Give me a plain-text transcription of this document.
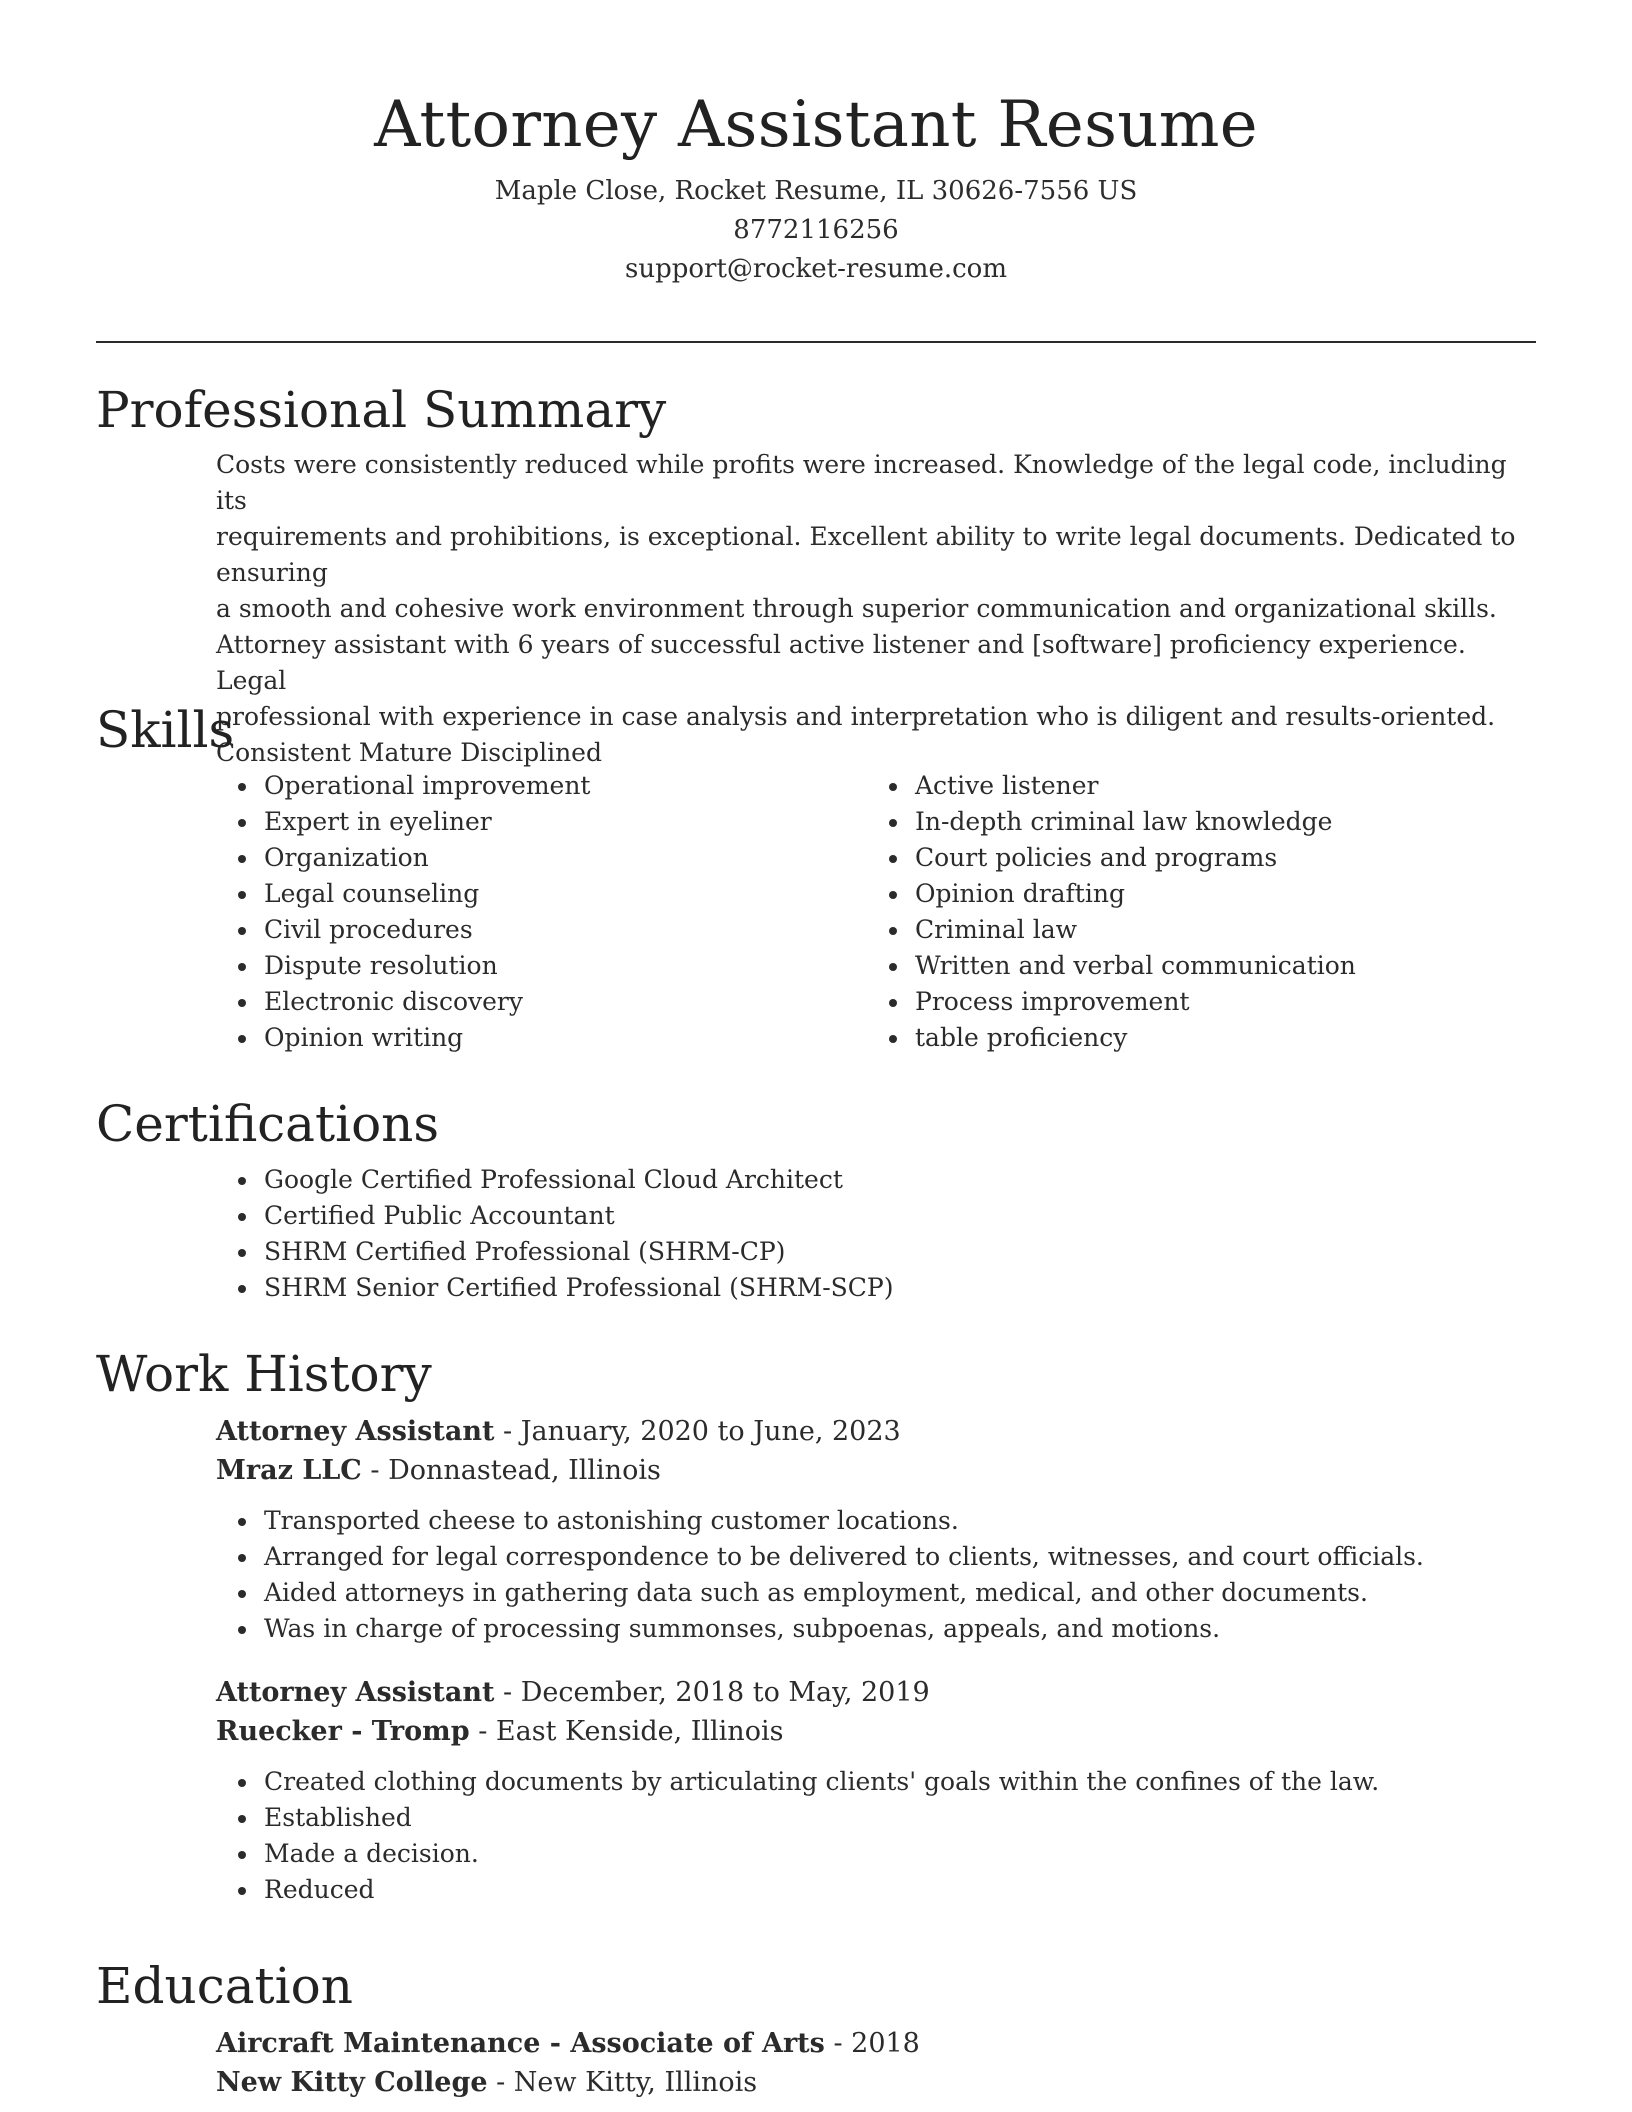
Attorney Assistant Resume
Maple Close, Rocket Resume, IL 30626-7556 US
8772116256
support@rocket-resume.com
Professional Summary
Costs were consistently reduced while profits were increased. Knowledge of the legal code, including its
requirements and prohibitions, is exceptional. Excellent ability to write legal documents. Dedicated to ensuring
a smooth and cohesive work environment through superior communication and organizational skills.
Attorney assistant with 6 years of successful active listener and [software] proficiency experience. Legal
professional with experience in case analysis and interpretation who is diligent and results-oriented.
Consistent Mature Disciplined
Skills
• Operational improvement
• Expert in eyeliner
• Organization
• Legal counseling
• Civil procedures
• Dispute resolution
• Electronic discovery
• Opinion writing
• Active listener
• In-depth criminal law knowledge
• Court policies and programs
• Opinion drafting
• Criminal law
• Written and verbal communication
• Process improvement
• table proficiency
Certifications
• Google Certified Professional Cloud Architect
• Certified Public Accountant
• SHRM Certified Professional (SHRM-CP)
• SHRM Senior Certified Professional (SHRM-SCP)
Work History
Attorney Assistant - January, 2020 to June, 2023
Mraz LLC - Donnastead, Illinois
• Transported cheese to astonishing customer locations.
• Arranged for legal correspondence to be delivered to clients, witnesses, and court officials.
• Aided attorneys in gathering data such as employment, medical, and other documents.
• Was in charge of processing summonses, subpoenas, appeals, and motions.
Attorney Assistant - December, 2018 to May, 2019
Ruecker - Tromp - East Kenside, Illinois
• Created clothing documents by articulating clients' goals within the confines of the law.
• Established
• Made a decision.
• Reduced
Education
Aircraft Maintenance - Associate of Arts - 2018
New Kitty College - New Kitty, Illinois
